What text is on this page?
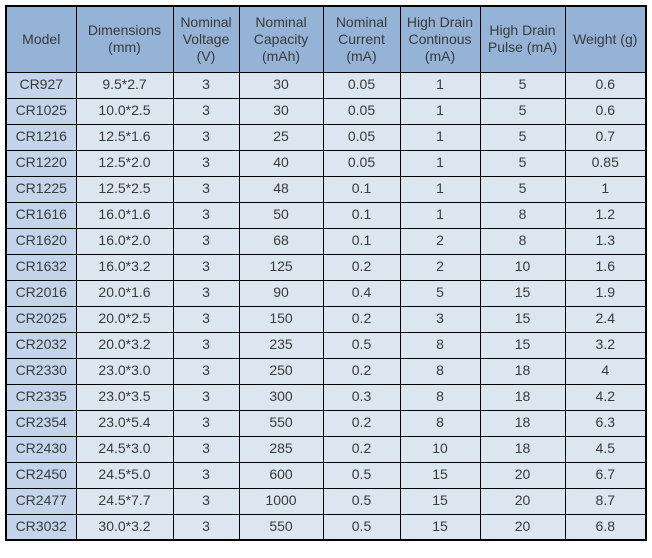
Model	Dimensions (mm)	Nominal Voltage (V)	Nominal Capacity (mAh)	Nominal Current (mA)	High Drain Continous (mA)	High Drain Pulse (mA)	Weight (g)
CR927	9.5*2.7	3	30	0.05	1	5	0.6
CR1025	10.0*2.5	3	30	0.05	1	5	0.6
CR1216	12.5*1.6	3	25	0.05	1	5	0.7
CR1220	12.5*2.0	3	40	0.05	1	5	0.85
CR1225	12.5*2.5	3	48	0.1	1	5	1
CR1616	16.0*1.6	3	50	0.1	1	8	1.2
CR1620	16.0*2.0	3	68	0.1	2	8	1.3
CR1632	16.0*3.2	3	125	0.2	2	10	1.6
CR2016	20.0*1.6	3	90	0.4	5	15	1.9
CR2025	20.0*2.5	3	150	0.2	3	15	2.4
CR2032	20.0*3.2	3	235	0.5	8	15	3.2
CR2330	23.0*3.0	3	250	0.2	8	18	4
CR2335	23.0*3.5	3	300	0.3	8	18	4.2
CR2354	23.0*5.4	3	550	0.2	8	18	6.3
CR2430	24.5*3.0	3	285	0.2	10	18	4.5
CR2450	24.5*5.0	3	600	0.5	15	20	6.7
CR2477	24.5*7.7	3	1000	0.5	15	20	8.7
CR3032	30.0*3.2	3	550	0.5	15	20	6.8
